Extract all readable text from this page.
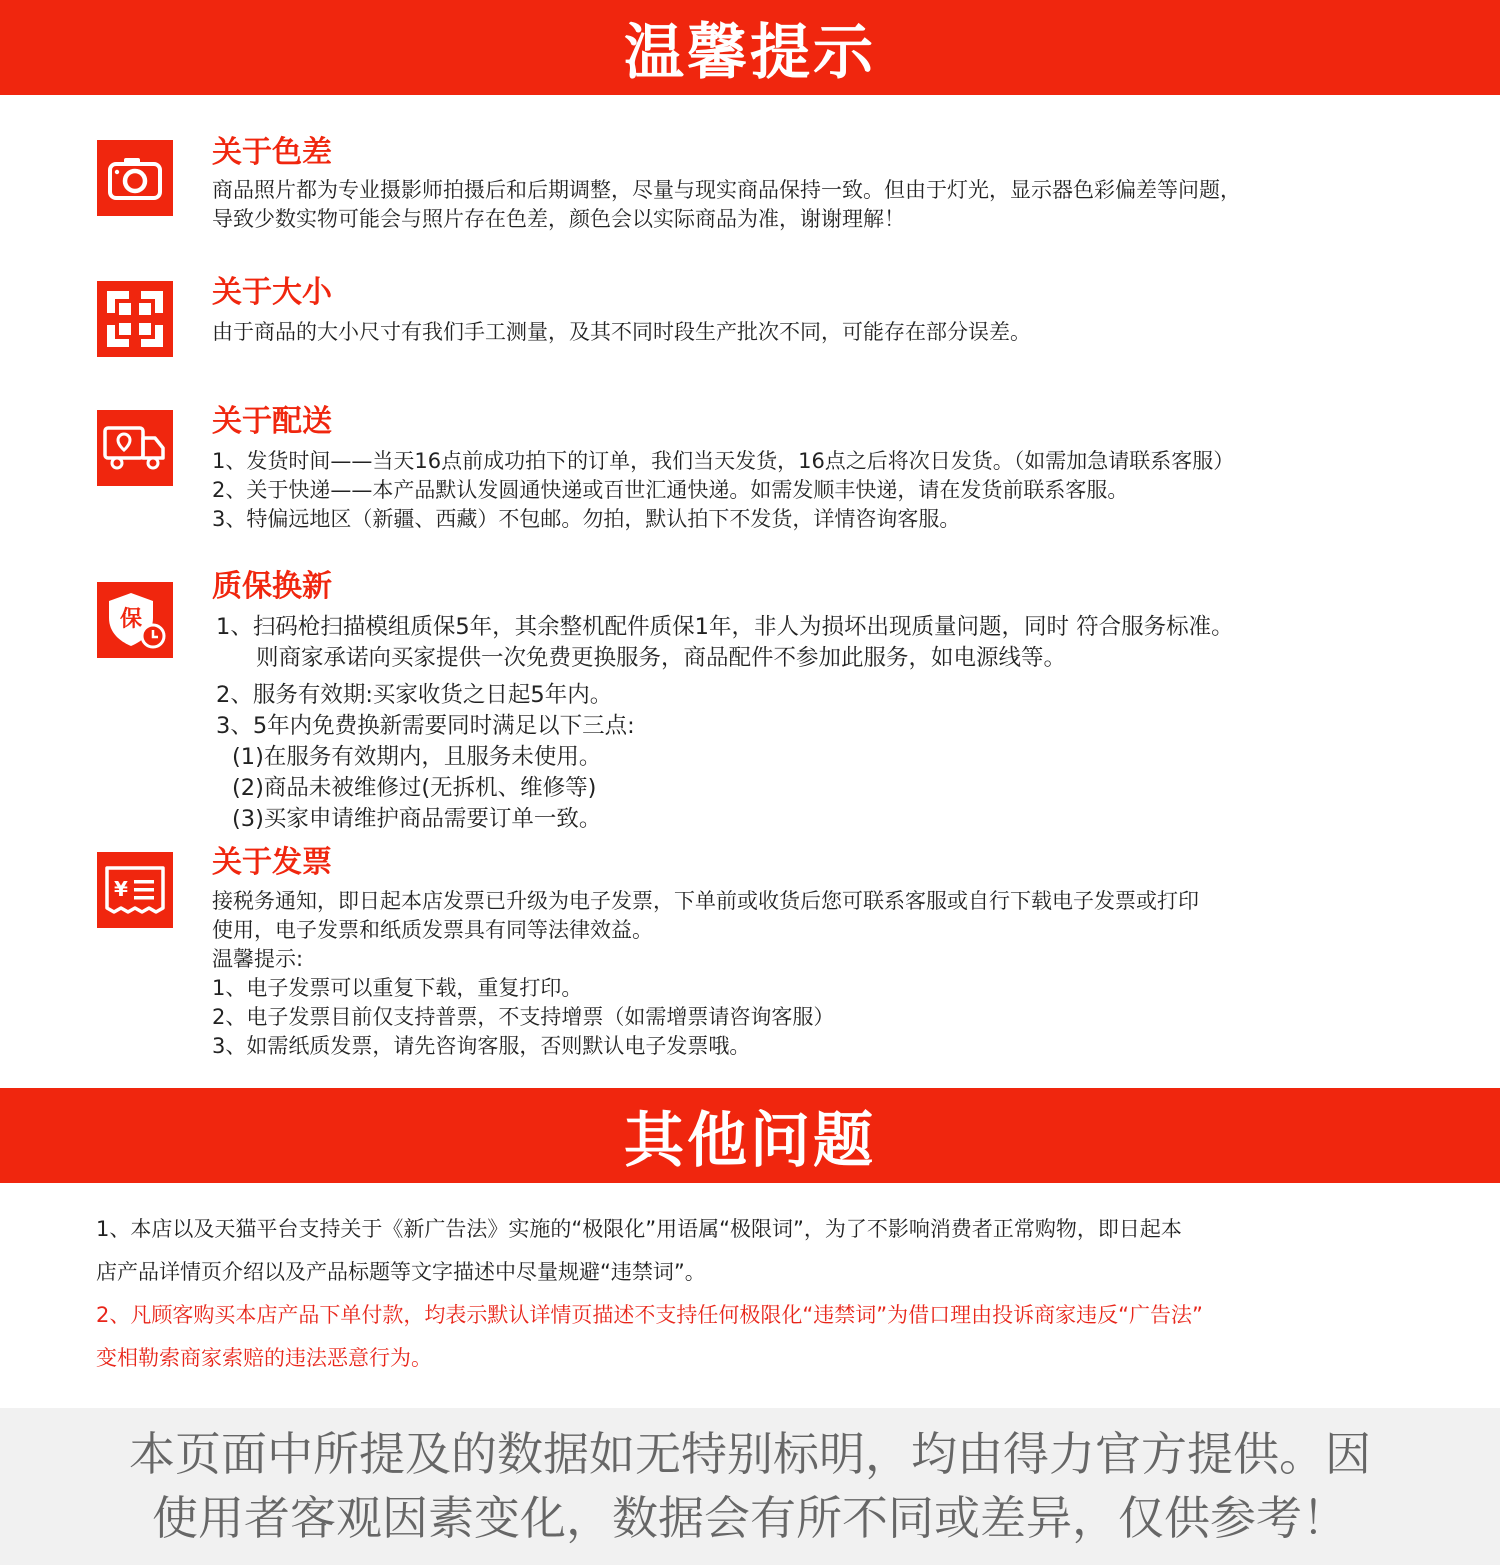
温馨提示
关于色差
商品照片都为专业摄影师拍摄后和后期调整，尽量与现实商品保持一致。但由于灯光，显示器色彩偏差等问题，
导致少数实物可能会与照片存在色差，颜色会以实际商品为准，谢谢理解！
关于大小
由于商品的大小尺寸有我们手工测量，及其不同时段生产批次不同，可能存在部分误差。
关于配送
1、发货时间——当天16点前成功拍下的订单，我们当天发货，16点之后将次日发货。（如需加急请联系客服）
2、关于快递——本产品默认发圆通快递或百世汇通快递。如需发顺丰快递，请在发货前联系客服。
3、特偏远地区（新疆、西藏）不包邮。勿拍，默认拍下不发货，详情咨询客服。
保
质保换新
1、扫码枪扫描模组质保5年，其余整机配件质保1年，非人为损坏出现质量问题，同时 符合服务标准。
则商家承诺向买家提供一次免费更换服务，商品配件不参加此服务，如电源线等。
2、服务有效期:买家收货之日起5年内。
3、5年内免费换新需要同时满足以下三点:
(1)在服务有效期内，且服务未使用。
(2)商品未被维修过(无拆机、维修等)
(3)买家申请维护商品需要订单一致。
¥
关于发票
接税务通知，即日起本店发票已升级为电子发票，下单前或收货后您可联系客服或自行下载电子发票或打印
使用，电子发票和纸质发票具有同等法律效益。
温馨提示:
1、电子发票可以重复下载，重复打印。
2、电子发票目前仅支持普票，不支持增票（如需增票请咨询客服）
3、如需纸质发票，请先咨询客服，否则默认电子发票哦。
其他问题
1、本店以及天猫平台支持关于《新广告法》实施的“极限化”用语属“极限词”，为了不影响消费者正常购物，即日起本
店产品详情页介绍以及产品标题等文字描述中尽量规避“违禁词”。
2、凡顾客购买本店产品下单付款，均表示默认详情页描述不支持任何极限化“违禁词”为借口理由投诉商家违反“广告法”
变相勒索商家索赔的违法恶意行为。
本页面中所提及的数据如无特别标明，均由得力官方提供。因
使用者客观因素变化，数据会有所不同或差异，仅供参考！
